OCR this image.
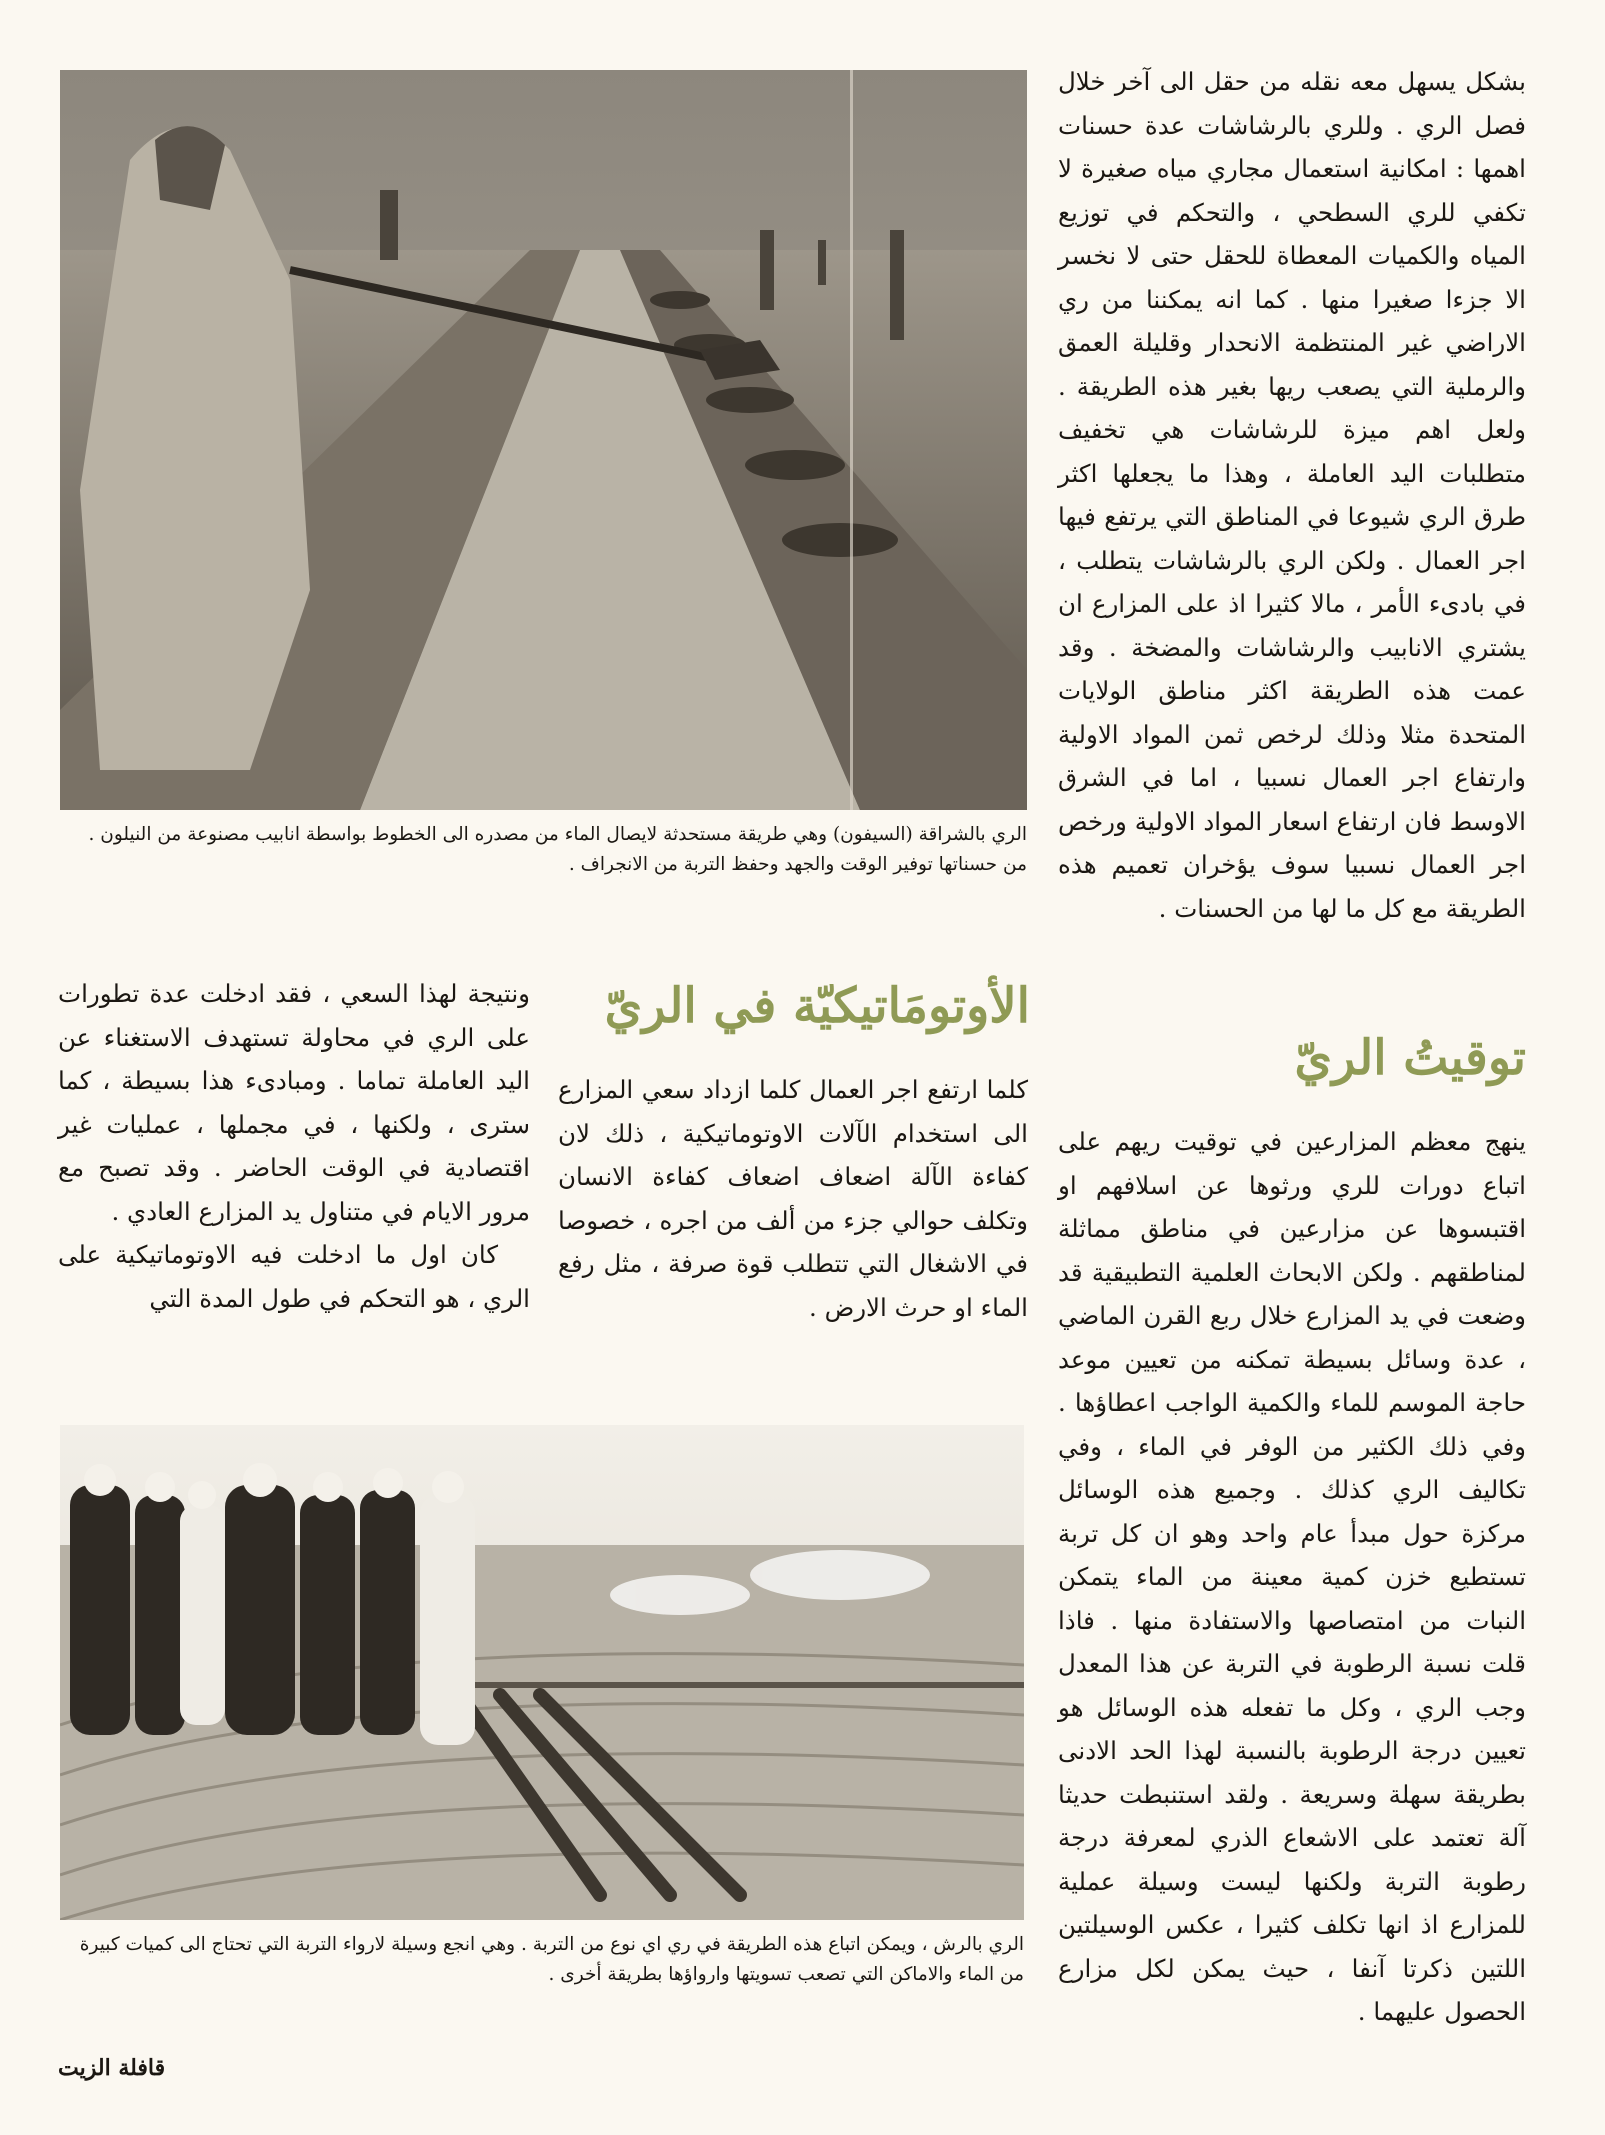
الري بالشراقة (السيفون) وهي طريقة مستحدثة لايصال الماء من مصدره الى الخطوط بواسطة انابيب مصنوعة من النيلون . من حسناتها توفير الوقت والجهد وحفظ التربة من الانجراف .

بشكل يسهل معه نقله من حقل الى آخر خلال فصل الري . وللري بالرشاشات عدة حسنات اهمها : امكانية استعمال مجاري مياه صغيرة لا تكفي للري السطحي ، والتحكم في توزيع المياه والكميات المعطاة للحقل حتى لا نخسر الا جزءا صغيرا منها . كما انه يمكننا من ري الاراضي غير المنتظمة الانحدار وقليلة العمق والرملية التي يصعب ريها بغير هذه الطريقة . ولعل اهم ميزة للرشاشات هي تخفيف متطلبات اليد العاملة ، وهذا ما يجعلها اكثر طرق الري شيوعا في المناطق التي يرتفع فيها اجر العمال . ولكن الري بالرشاشات يتطلب ، في بادىء الأمر ، مالا كثيرا اذ على المزارع ان يشتري الانابيب والرشاشات والمضخة . وقد عمت هذه الطريقة اكثر مناطق الولايات المتحدة مثلا وذلك لرخص ثمن المواد الاولية وارتفاع اجر العمال نسبيا ، اما في الشرق الاوسط فان ارتفاع اسعار المواد الاولية ورخص اجر العمال نسبيا سوف يؤخران تعميم هذه الطريقة مع كل ما لها من الحسنات .

توقيتُ الريّ

ينهج معظم المزارعين في توقيت ريهم على اتباع دورات للري ورثوها عن اسلافهم او اقتبسوها عن مزارعين في مناطق مماثلة لمناطقهم . ولكن الابحاث العلمية التطبيقية قد وضعت في يد المزارع خلال ربع القرن الماضي ، عدة وسائل بسيطة تمكنه من تعيين موعد حاجة الموسم للماء والكمية الواجب اعطاؤها . وفي ذلك الكثير من الوفر في الماء ، وفي تكاليف الري كذلك . وجميع هذه الوسائل مركزة حول مبدأ عام واحد وهو ان كل تربة تستطيع خزن كمية معينة من الماء يتمكن النبات من امتصاصها والاستفادة منها . فاذا قلت نسبة الرطوبة في التربة عن هذا المعدل وجب الري ، وكل ما تفعله هذه الوسائل هو تعيين درجة الرطوبة بالنسبة لهذا الحد الادنى بطريقة سهلة وسريعة . ولقد استنبطت حديثا آلة تعتمد على الاشعاع الذري لمعرفة درجة رطوبة التربة ولكنها ليست وسيلة عملية للمزارع اذ انها تكلف كثيرا ، عكس الوسيلتين اللتين ذكرتا آنفا ، حيث يمكن لكل مزارع الحصول عليهما .

الأوتومَاتيكيّة في الريّ

كلما ارتفع اجر العمال كلما ازداد سعي المزارع الى استخدام الآلات الاوتوماتيكية ، ذلك لان كفاءة الآلة اضعاف اضعاف كفاءة الانسان وتكلف حوالي جزء من ألف من اجره ، خصوصا في الاشغال التي تتطلب قوة صرفة ، مثل رفع الماء او حرث الارض .

ونتيجة لهذا السعي ، فقد ادخلت عدة تطورات على الري في محاولة تستهدف الاستغناء عن اليد العاملة تماما . ومبادىء هذا بسيطة ، كما سترى ، ولكنها ، في مجملها ، عمليات غير اقتصادية في الوقت الحاضر . وقد تصبح مع مرور الايام في متناول يد المزارع العادي .

كان اول ما ادخلت فيه الاوتوماتيكية على الري ، هو التحكم في طول المدة التي

الري بالرش ، ويمكن اتباع هذه الطريقة في ري اي نوع من التربة . وهي انجع وسيلة لارواء التربة التي تحتاج الى كميات كبيرة من الماء والاماكن التي تصعب تسويتها وارواؤها بطريقة أخرى .

قافلة الزيت
